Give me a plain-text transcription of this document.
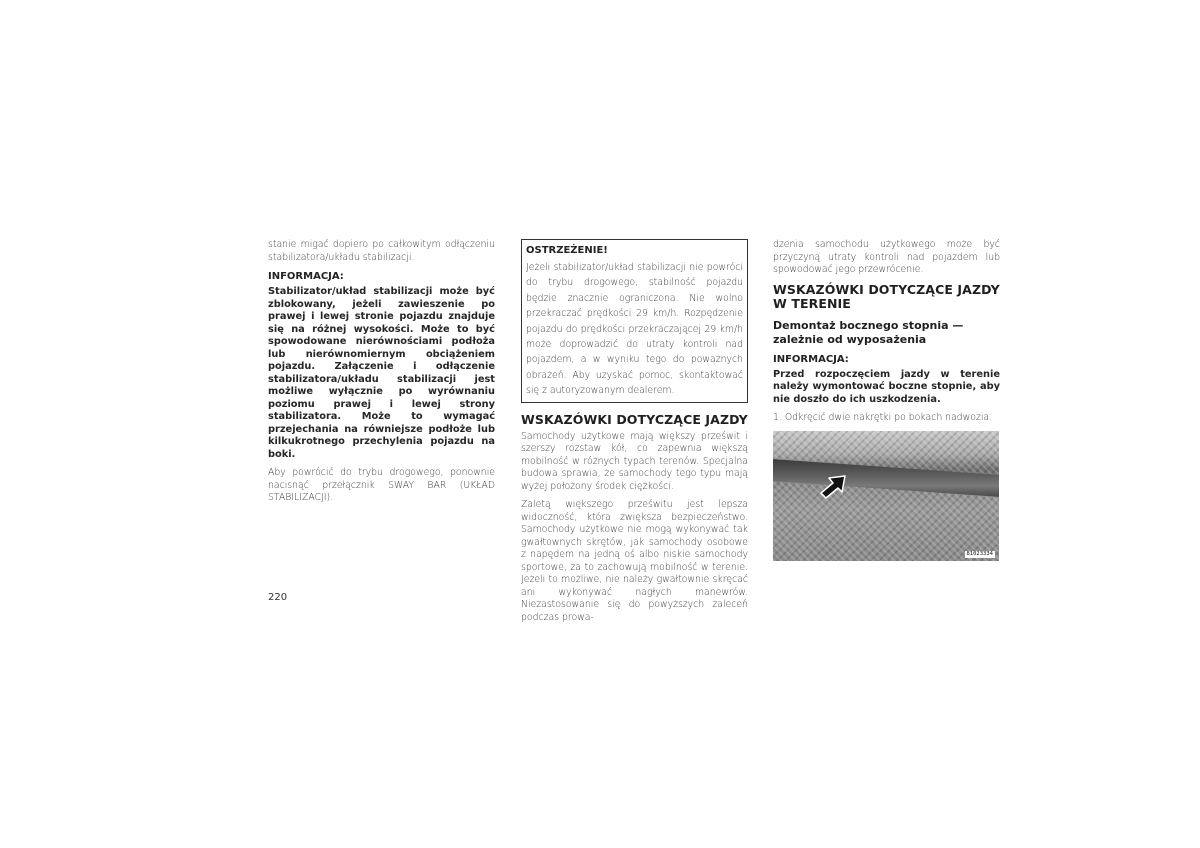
stanie migać dopiero po całkowitym odłączeniu stabilizatora/układu stabilizacji.

INFORMACJA:

Stabilizator/układ stabilizacji może być zblokowany, jeżeli zawieszenie po prawej i lewej stronie pojazdu znajduje się na różnej wysokości. Może to być spowodowane nierównościami podłoża lub nierównomiernym obciążeniem pojazdu. Załączenie i odłączenie stabilizatora/układu stabilizacji jest możliwe wyłącznie po wyrównaniu poziomu prawej i lewej strony stabilizatora. Może to wymagać przejechania na równiejsze podłoże lub kilkukrotnego przechylenia pojazdu na boki.

Aby powrócić do trybu drogowego, ponownie nacisnąć przełącznik SWAY BAR (UKŁAD STABILIZACJI).

OSTRZEŻENIE!

Jeżeli stabilizator/układ stabilizacji nie powróci do trybu drogowego, stabilność pojazdu będzie znacznie ograniczona. Nie wolno przekraczać prędkości 29 km/h. Rozpędzenie pojazdu do prędkości przekraczającej 29 km/h może doprowadzić do utraty kontroli nad pojazdem, a w wyniku tego do poważnych obrażeń. Aby uzyskać pomoc, skontaktować się z autoryzowanym dealerem.

WSKAZÓWKI DOTYCZĄCE JAZDY

Samochody użytkowe mają większy prześwit i szerszy rozstaw kół, co zapewnia większą mobilność w różnych typach terenów. Specjalna budowa sprawia, że samochody tego typu mają wyżej położony środek ciężkości.

Zaletą większego prześwitu jest lepsza widoczność, która zwiększa bezpieczeństwo. Samochody użytkowe nie mogą wykonywać tak gwałtownych skrętów, jak samochody osobowe z napędem na jedną oś albo niskie samochody sportowe, za to zachowują mobilność w terenie. Jeżeli to możliwe, nie należy gwałtownie skręcać ani wykonywać nagłych manewrów. Niezastosowanie się do powyższych zaleceń podczas prowa-

dzenia samochodu użytkowego może być przyczyną utraty kontroli nad pojazdem lub spowodować jego przewrócenie.

WSKAZÓWKI DOTYCZĄCE JAZDY W TERENIE
Demontaż bocznego stopnia — zależnie od wyposażenia

INFORMACJA:

Przed rozpoczęciem jazdy w terenie należy wymontować boczne stopnie, aby nie doszło do ich uszkodzenia.

1. Odkręcić dwie nakrętki po bokach nadwozia.

81023334
220
